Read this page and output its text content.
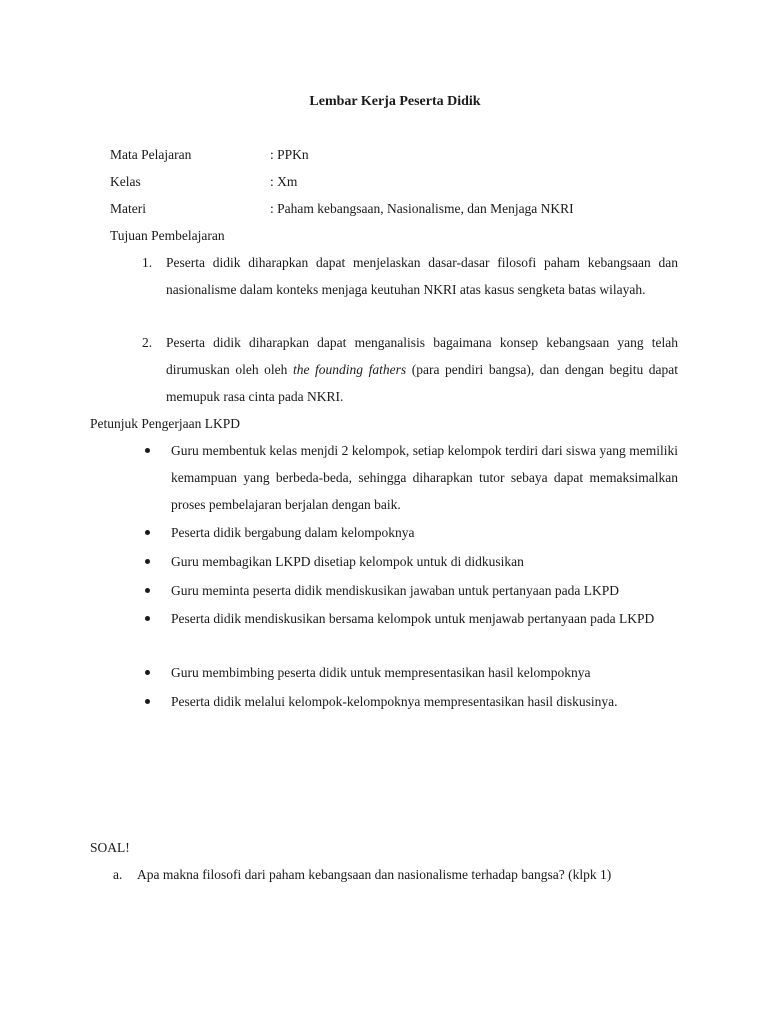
Lembar Kerja Peserta Didik
Mata Pelajaran	: PPKn
Kelas	: Xm
Materi	: Paham kebangsaan, Nasionalisme, dan Menjaga NKRI
Tujuan Pembelajaran
1. Peserta didik diharapkan dapat menjelaskan dasar-dasar filosofi paham kebangsaan dan nasionalisme dalam konteks menjaga keutuhan NKRI atas kasus sengketa batas wilayah.
2. Peserta didik diharapkan dapat menganalisis bagaimana konsep kebangsaan yang telah dirumuskan oleh oleh the founding fathers (para pendiri bangsa), dan dengan begitu dapat memupuk rasa cinta pada NKRI.
Petunjuk Pengerjaan LKPD
Guru membentuk kelas menjdi 2 kelompok, setiap kelompok terdiri dari siswa yang memiliki kemampuan yang berbeda-beda, sehingga diharapkan tutor sebaya dapat memaksimalkan proses pembelajaran berjalan dengan baik.
Peserta didik bergabung dalam kelompoknya
Guru membagikan LKPD disetiap kelompok untuk di didkusikan
Guru meminta peserta didik mendiskusikan jawaban untuk pertanyaan pada LKPD
Peserta didik mendiskusikan bersama kelompok untuk menjawab pertanyaan pada LKPD
Guru membimbing peserta didik untuk mempresentasikan hasil kelompoknya
Peserta didik melalui kelompok-kelompoknya mempresentasikan hasil diskusinya.
SOAL!
a. Apa makna filosofi dari paham kebangsaan dan nasionalisme terhadap bangsa? (klpk 1)
